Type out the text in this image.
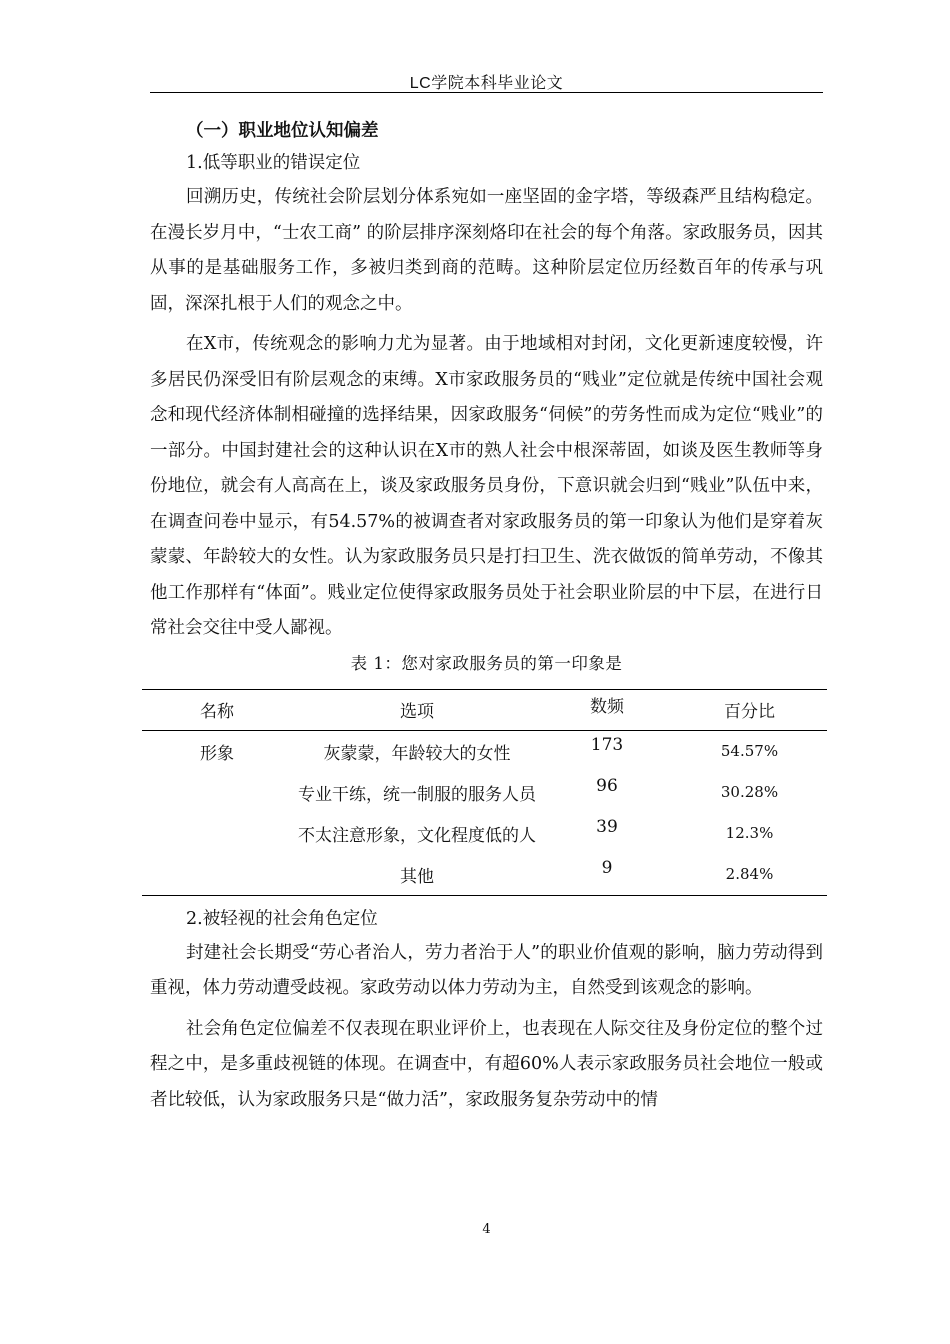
LC学院本科毕业论文

（一）职业地位认知偏差

1.低等职业的错误定位

回溯历史，传统社会阶层划分体系宛如一座坚固的金字塔，等级森严且结构稳定。在漫长岁月中，“士农工商” 的阶层排序深刻烙印在社会的每个角落。家政服务员，因其从事的是基础服务工作，多被归类到商的范畴。这种阶层定位历经数百年的传承与巩固，深深扎根于人们的观念之中。

在X市，传统观念的影响力尤为显著。由于地域相对封闭，文化更新速度较慢，许多居民仍深受旧有阶层观念的束缚。X市家政服务员的“贱业”定位就是传统中国社会观念和现代经济体制相碰撞的选择结果，因家政服务“伺候”的劳务性而成为定位“贱业”的一部分。中国封建社会的这种认识在X市的熟人社会中根深蒂固，如谈及医生教师等身份地位，就会有人高高在上，谈及家政服务员身份，下意识就会归到“贱业”队伍中来，在调查问卷中显示，有54.57%的被调查者对家政服务员的第一印象认为他们是穿着灰蒙蒙、年龄较大的女性。认为家政服务员只是打扫卫生、洗衣做饭的简单劳动，不像其他工作那样有“体面”。贱业定位使得家政服务员处于社会职业阶层的中下层，在进行日常社会交往中受人鄙视。

表 1：您对家政服务员的第一印象是
名称	选项	数频	百分比
形象	灰蒙蒙，年龄较大的女性	173	54.57%
	专业干练，统一制服的服务人员	96	30.28%
	不太注意形象，文化程度低的人	39	12.3%
	其他	9	2.84%

2.被轻视的社会角色定位

封建社会长期受“劳心者治人，劳力者治于人”的职业价值观的影响，脑力劳动得到重视，体力劳动遭受歧视。家政劳动以体力劳动为主，自然受到该观念的影响。

社会角色定位偏差不仅表现在职业评价上，也表现在人际交往及身份定位的整个过程之中，是多重歧视链的体现。在调查中，有超60%人表示家政服务员社会地位一般或者比较低，认为家政服务只是“做力活”，家政服务复杂劳动中的情

4
